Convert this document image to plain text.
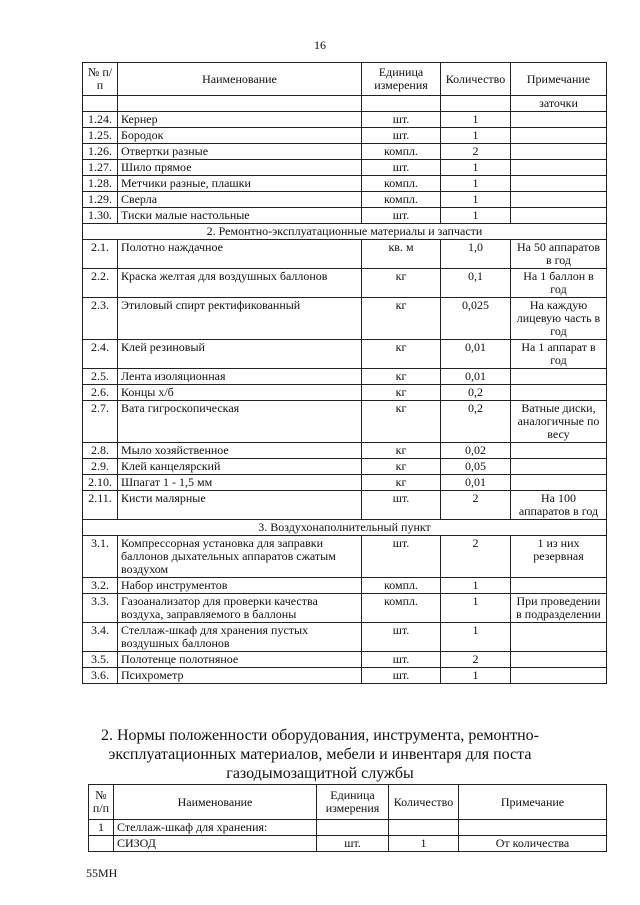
16
№ п/п	Наименование	Единица измерения	Количество	Примечание
				заточки
1.24.	Кернер	шт.	1	
1.25.	Бородок	шт.	1	
1.26.	Отвертки разные	компл.	2	
1.27.	Шило прямое	шт.	1	
1.28.	Метчики разные, плашки	компл.	1	
1.29.	Сверла	компл.	1	
1.30.	Тиски малые настольные	шт.	1	
2. Ремонтно-эксплуатационные материалы и запчасти				
2.1.	Полотно наждачное	кв. м	1,0	На 50 аппаратов в год
2.2.	Краска желтая для воздушных баллонов	кг	0,1	На 1 баллон в год
2.3.	Этиловый спирт ректификованный	кг	0,025	На каждую лицевую часть в год
2.4.	Клей резиновый	кг	0,01	На 1 аппарат в год
2.5.	Лента изоляционная	кг	0,01	
2.6.	Концы х/б	кг	0,2	
2.7.	Вата гигроскопическая	кг	0,2	Ватные диски, аналогичные по весу
2.8.	Мыло хозяйственное	кг	0,02	
2.9.	Клей канцелярский	кг	0,05	
2.10.	Шпагат 1 - 1,5 мм	кг	0,01	
2.11.	Кисти малярные	шт.	2	На 100 аппаратов в год
3. Воздухонаполнительный пункт				
3.1.	Компрессорная установка для заправки баллонов дыхательных аппаратов сжатым воздухом	шт.	2	1 из них резервная
3.2.	Набор инструментов	компл.	1	
3.3.	Газоанализатор для проверки качества воздуха, заправляемого в баллоны	компл.	1	При проведении в подразделении
3.4.	Стеллаж-шкаф для хранения пустых воздушных баллонов	шт.	1	
3.5.	Полотенце полотняное	шт.	2	
3.6.	Психрометр	шт.	1	
2. Нормы положенности оборудования, инструмента, ремонтно-эксплуатационных материалов, мебели и инвентаря для поста газодымозащитной службы
№ п/п	Наименование	Единица измерения	Количество	Примечание
1	Стеллаж-шкаф для хранения:			
	СИЗОД	шт.	1	От количества
55МН
